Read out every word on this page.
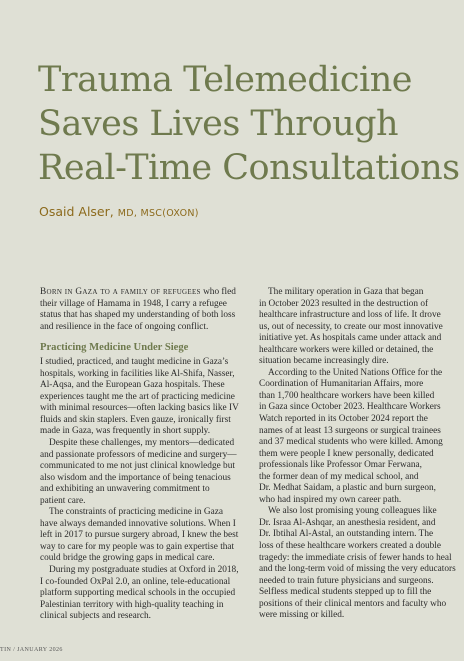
Trauma Telemedicine
Saves Lives Through
Real-Time Consultations
Osaid Alser, MD, MSC(OXON)

Born in Gaza to a family of refugees who fled

their village of Hamama in 1948, I carry a refugee
status that has shaped my understanding of both loss
and resilience in the face of ongoing conflict.
Practicing Medicine Under Siege
I studied, practiced, and taught medicine in Gaza’s
hospitals, working in facilities like Al-Shifa, Nasser,
Al-Aqsa, and the European Gaza hospitals. These
experiences taught me the art of practicing medicine
with minimal resources—often lacking basics like IV
fluids and skin staplers. Even gauze, ironically first
made in Gaza, was frequently in short supply.
Despite these challenges, my mentors—dedicated
and passionate professors of medicine and surgery—
communicated to me not just clinical knowledge but
also wisdom and the importance of being tenacious
and exhibiting an unwavering commitment to
patient care.
The constraints of practicing medicine in Gaza
have always demanded innovative solutions. When I
left in 2017 to pursue surgery abroad, I knew the best
way to care for my people was to gain expertise that
could bridge the growing gaps in medical care.
During my postgraduate studies at Oxford in 2018,
I co-founded OxPal 2.0, an online, tele-educational
platform supporting medical schools in the occupied
Palestinian territory with high-quality teaching in
clinical subjects and research.
The military operation in Gaza that began
in October 2023 resulted in the destruction of
healthcare infrastructure and loss of life. It drove
us, out of necessity, to create our most innovative
initiative yet. As hospitals came under attack and
healthcare workers were killed or detained, the
situation became increasingly dire.
According to the United Nations Office for the
Coordination of Humanitarian Affairs, more
than 1,700 healthcare workers have been killed
in Gaza since October 2023. Healthcare Workers
Watch reported in its October 2024 report the
names of at least 13 surgeons or surgical trainees
and 37 medical students who were killed. Among
them were people I knew personally, dedicated
professionals like Professor Omar Ferwana,
the former dean of my medical school, and
Dr. Medhat Saidam, a plastic and burn surgeon,
who had inspired my own career path.
We also lost promising young colleagues like
Dr. Israa Al-Ashqar, an anesthesia resident, and
Dr. Ibtihal Al-Astal, an outstanding intern. The
loss of these healthcare workers created a double
tragedy: the immediate crisis of fewer hands to heal
and the long-term void of missing the very educators
needed to train future physicians and surgeons.
Selfless medical students stepped up to fill the
positions of their clinical mentors and faculty who
were missing or killed.
TIN / JANUARY 2026
